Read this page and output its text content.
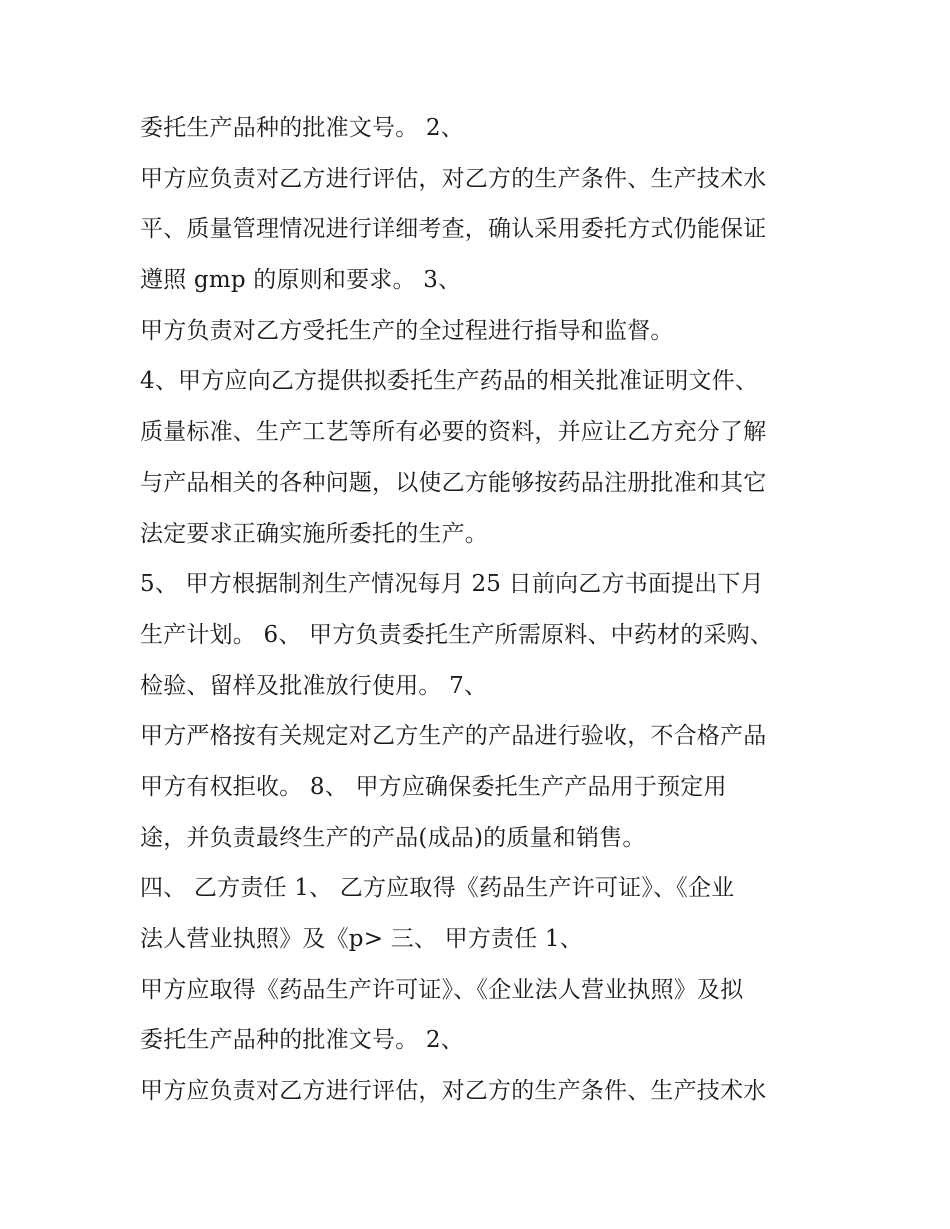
委托生产品种的批准文号。 2、
甲方应负责对乙方进行评估，对乙方的生产条件、生产技术水
平、质量管理情况进行详细考查，确认采用委托方式仍能保证
遵照 gmp 的原则和要求。 3、
甲方负责对乙方受托生产的全过程进行指导和监督。
4、甲方应向乙方提供拟委托生产药品的相关批准证明文件、
质量标准、生产工艺等所有必要的资料，并应让乙方充分了解
与产品相关的各种问题，以使乙方能够按药品注册批准和其它
法定要求正确实施所委托的生产。
5、 甲方根据制剂生产情况每月 25 日前向乙方书面提出下月
生产计划。 6、 甲方负责委托生产所需原料、中药材的采购、
检验、留样及批准放行使用。 7、
甲方严格按有关规定对乙方生产的产品进行验收，不合格产品
甲方有权拒收。 8、 甲方应确保委托生产产品用于预定用
途，并负责最终生产的产品(成品)的质量和销售。
四、 乙方责任 1、 乙方应取得《药品生产许可证》、《企业
法人营业执照》及《p> 三、 甲方责任 1、
甲方应取得《药品生产许可证》、《企业法人营业执照》及拟
委托生产品种的批准文号。 2、
甲方应负责对乙方进行评估，对乙方的生产条件、生产技术水
